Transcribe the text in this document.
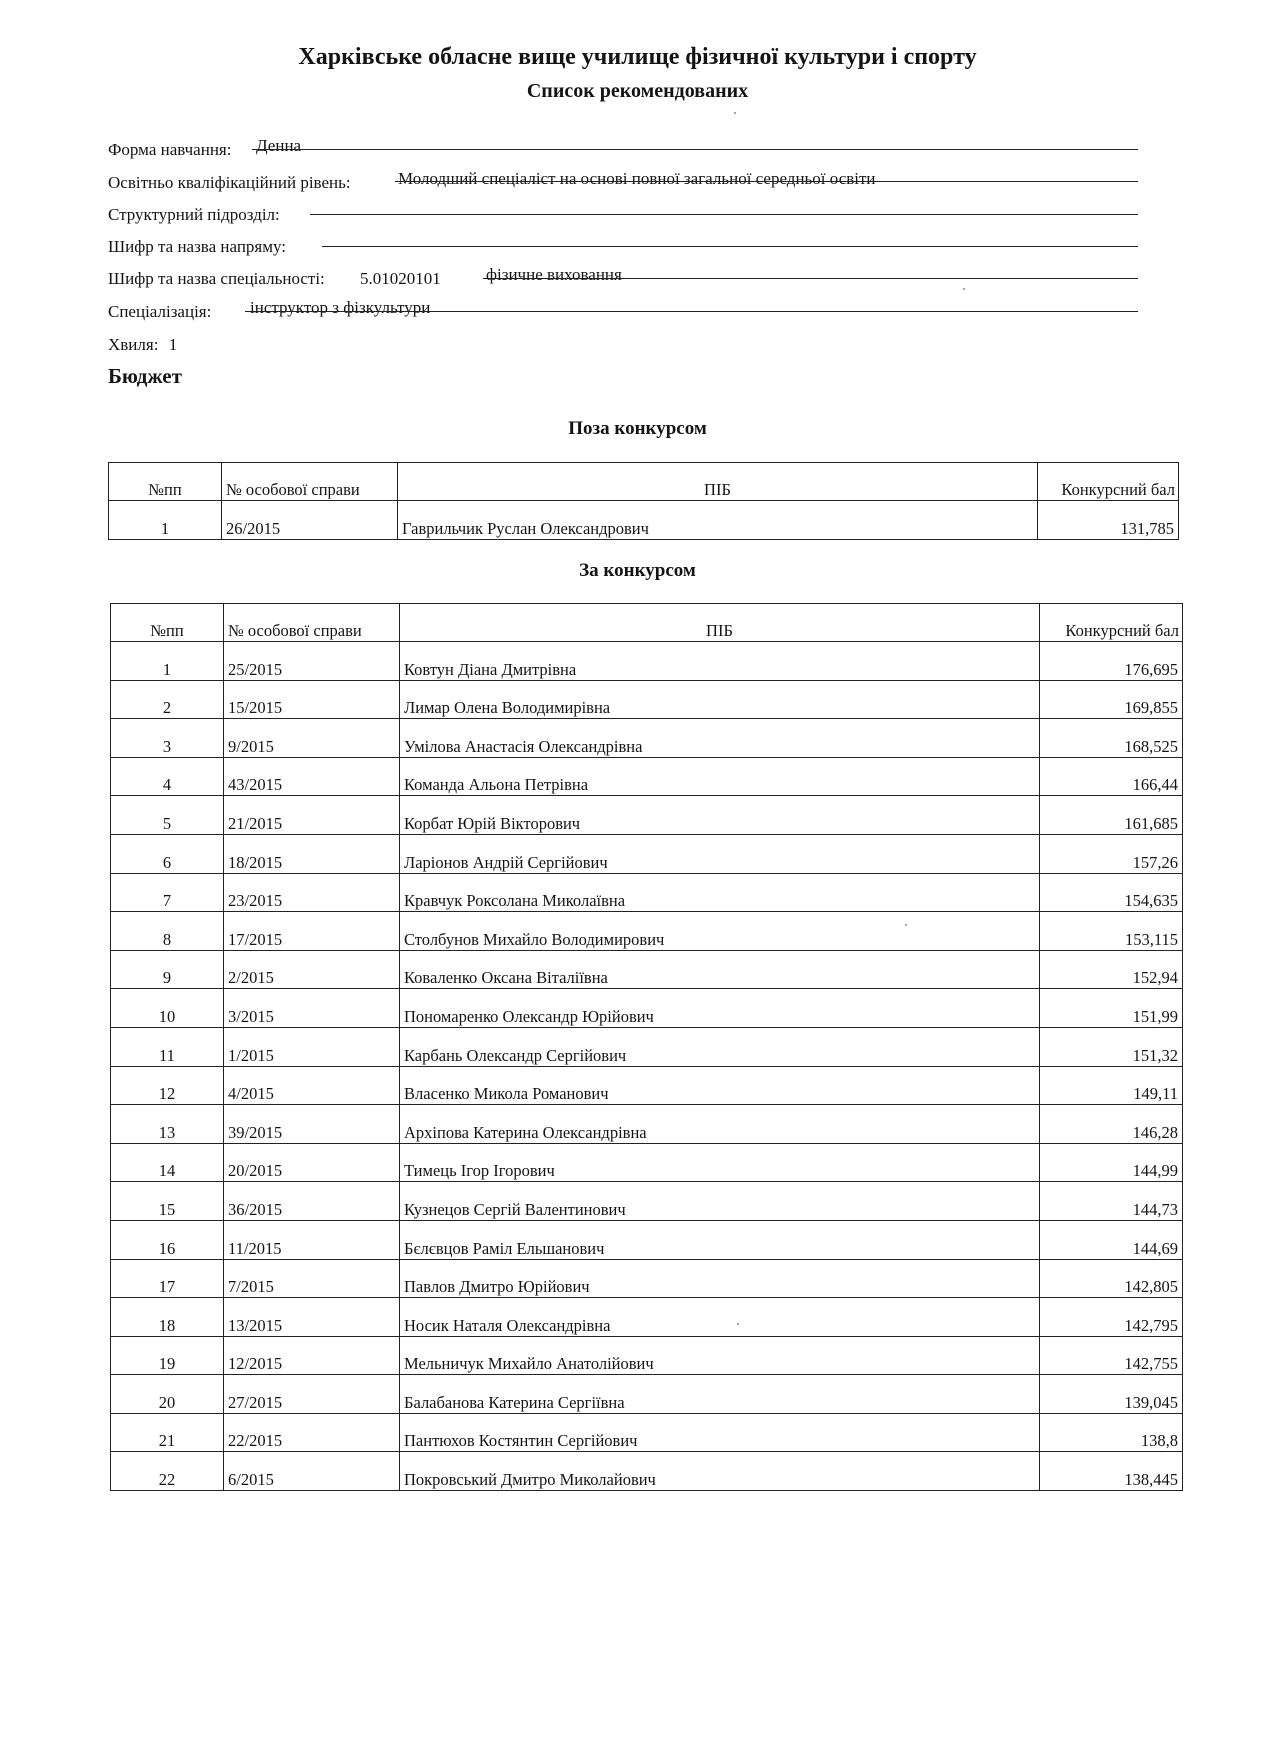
Харківське обласне вище училище фізичної культури і спорту
Список рекомендованих
Форма навчання: Денна
Освітньо кваліфікаційний рівень:	Молодший спеціаліст на основі повної загальної середньої освіти
Структурний підрозділ:
Шифр та назва напряму:
Шифр та назва спеціальності: 5.01020101	фізичне виховання
Спеціалізація: інструктор з фізкультури
Хвиля: 1
Бюджет
Поза конкурсом
№пп	№ особової справи	ПІБ	Конкурсний бал
1	26/2015	Гаврильчик Руслан Олександрович	131,785
За конкурсом
№пп	№ особової справи	ПІБ	Конкурсний бал
1	25/2015	Ковтун Діана Дмитрівна	176,695
2	15/2015	Лимар Олена Володимирівна	169,855
3	9/2015	Умілова Анастасія Олександрівна	168,525
4	43/2015	Команда Альона Петрівна	166,44
5	21/2015	Корбат Юрій Вікторович	161,685
6	18/2015	Ларіонов Андрій Сергійович	157,26
7	23/2015	Кравчук Роксолана Миколаївна	154,635
8	17/2015	Столбунов Михайло Володимирович	153,115
9	2/2015	Коваленко Оксана Віталіївна	152,94
10	3/2015	Пономаренко Олександр Юрійович	151,99
11	1/2015	Карбань Олександр Сергійович	151,32
12	4/2015	Власенко Микола Романович	149,11
13	39/2015	Архіпова Катерина Олександрівна	146,28
14	20/2015	Тимець Ігор Ігорович	144,99
15	36/2015	Кузнецов Сергій Валентинович	144,73
16	11/2015	Бєлєвцов Раміл Ельшанович	144,69
17	7/2015	Павлов Дмитро Юрійович	142,805
18	13/2015	Носик Наталя Олександрівна	142,795
19	12/2015	Мельничук Михайло Анатолійович	142,755
20	27/2015	Балабанова Катерина Сергіївна	139,045
21	22/2015	Пантюхов Костянтин Сергійович	138,8
22	6/2015	Покровський Дмитро Миколайович	138,445
